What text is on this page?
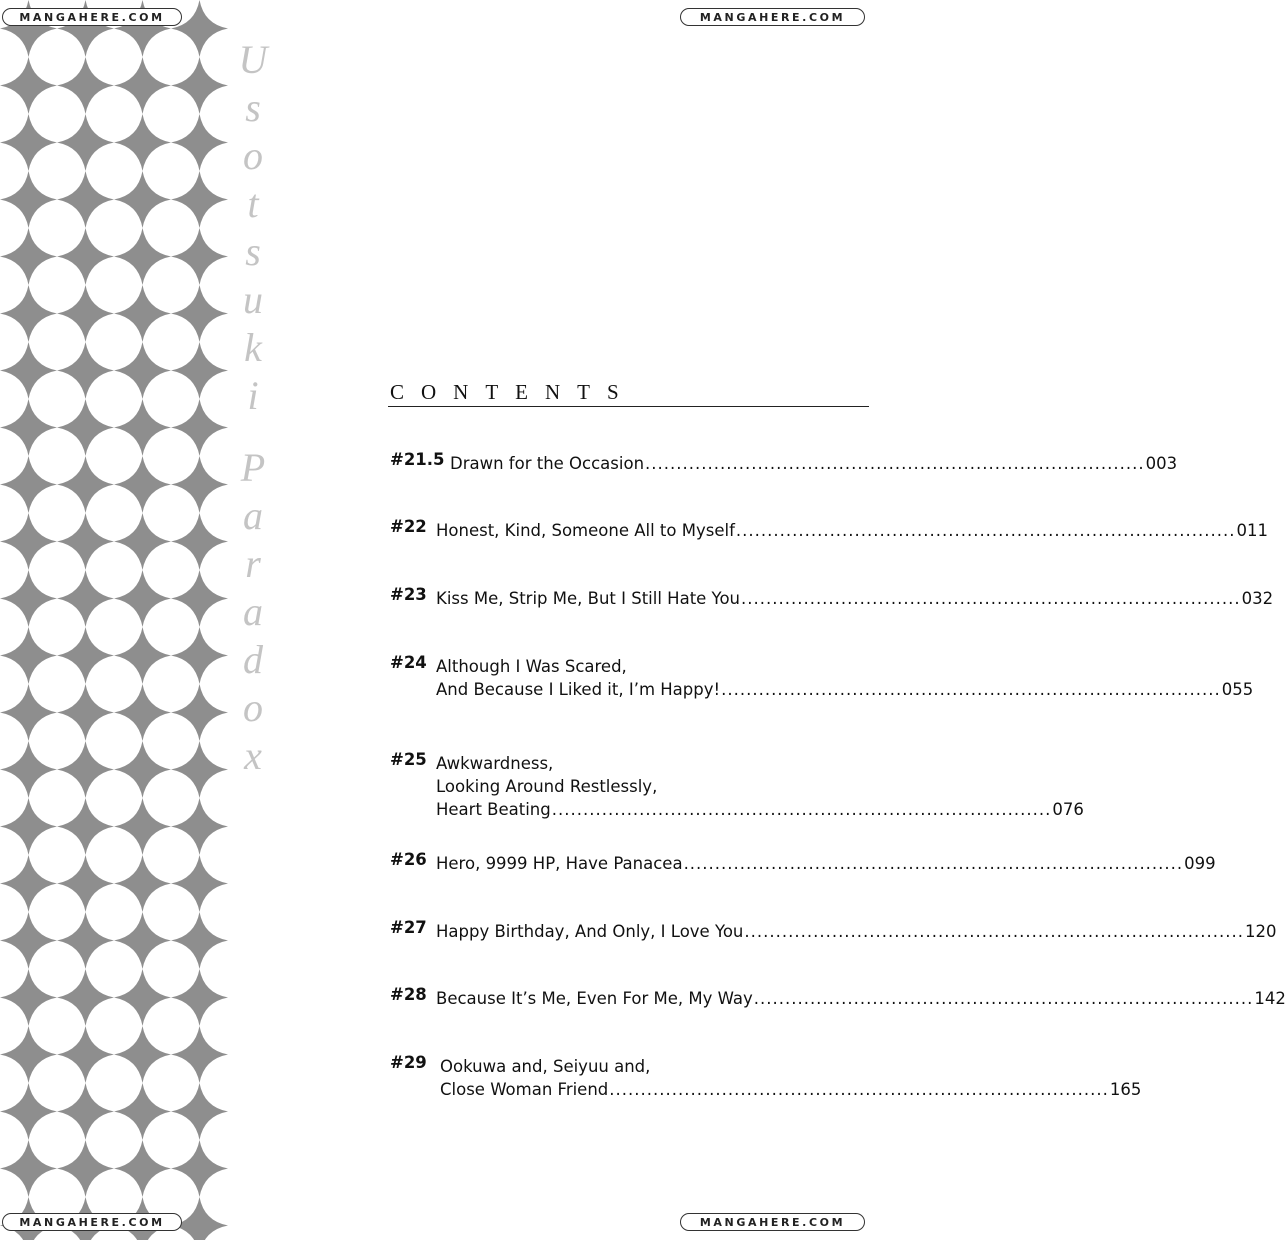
U
s
o
t
s
u
k
i
P
a
r
a
d
o
x
MANGAHERE.COM	MANGAHERE.COM
MANGAHERE.COM	MANGAHERE.COM
CONTENTS
#21.5 Drawn for the Occasion ................................................................................ 003
#22 Honest, Kind, Someone All to Myself ................................................................................ 011
#23 Kiss Me, Strip Me, But I Still Hate You ................................................................................ 032
#24 Although I Was Scared,
And Because I Liked it, I’m Happy! ................................................................................ 055
#25 Awkwardness,
Looking Around Restlessly,
Heart Beating ................................................................................ 076
#26 Hero, 9999 HP, Have Panacea ................................................................................ 099
#27 Happy Birthday, And Only, I Love You ................................................................................ 120
#28 Because It’s Me, Even For Me, My Way ................................................................................ 142
#29 Ookuwa and, Seiyuu and,
Close Woman Friend ................................................................................ 165
